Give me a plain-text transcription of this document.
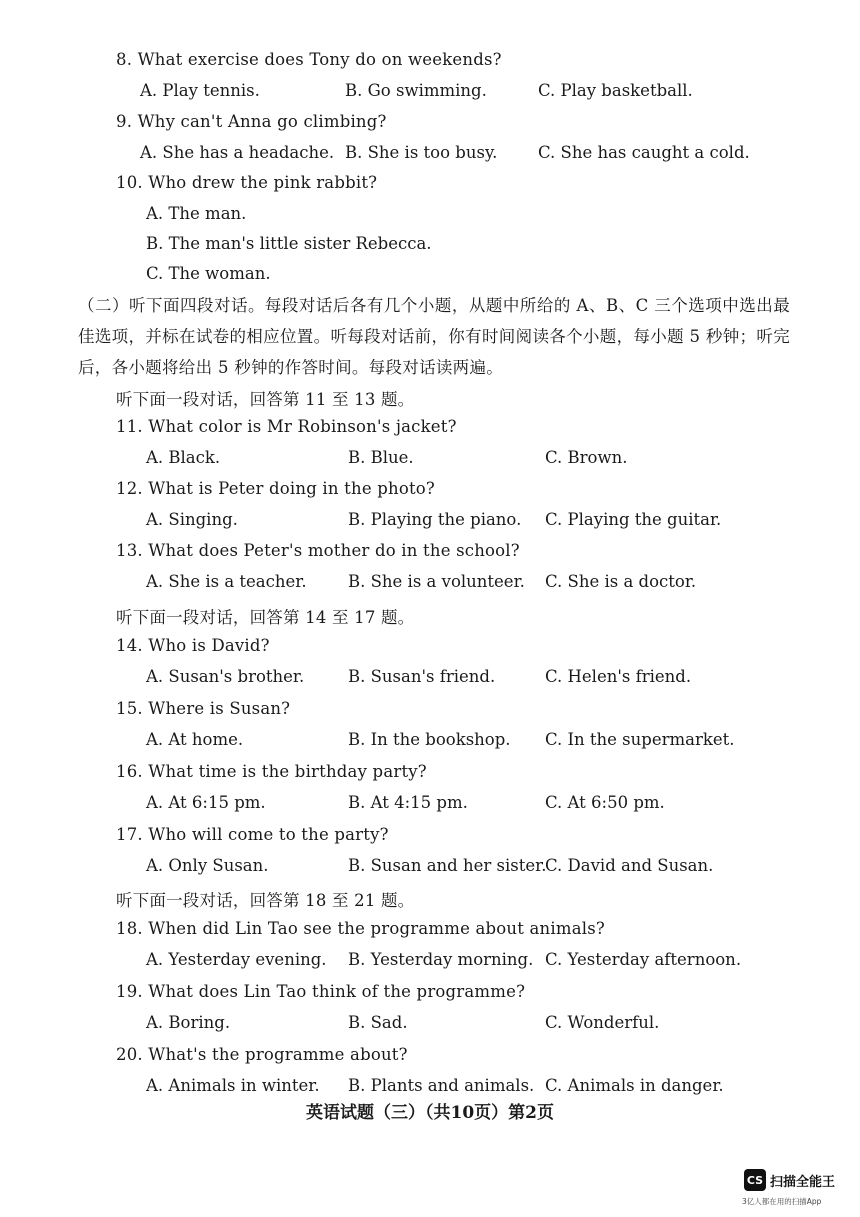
8. What exercise does Tony do on weekends?
A. Play tennis.	B. Go swimming.	C. Play basketball.
9. Why can't Anna go climbing?
A. She has a headache. B. She is too busy. C. She has caught a cold.
10. Who drew the pink rabbit?
A. The man.
B. The man's little sister Rebecca.
C. The woman.
（二）听下面四段对话。每段对话后各有几个小题，从题中所给的 A、B、C 三个选项中选出最佳选项，并标在试卷的相应位置。听每段对话前，你有时间阅读各个小题，每小题 5 秒钟；听完后，各小题将给出 5 秒钟的作答时间。每段对话读两遍。
听下面一段对话，回答第 11 至 13 题。
11. What color is Mr Robinson's jacket?
A. Black.	B. Blue.	C. Brown.
12. What is Peter doing in the photo?
A. Singing.	B. Playing the piano. C. Playing the guitar.
13. What does Peter's mother do in the school?
A. She is a teacher.	B. She is a volunteer. C. She is a doctor.
听下面一段对话，回答第 14 至 17 题。
14. Who is David?
A. Susan's brother.	B. Susan's friend.	C. Helen's friend.
15. Where is Susan?
A. At home.	B. In the bookshop. C. In the supermarket.
16. What time is the birthday party?
A. At 6:15 pm.	B. At 4:15 pm.	C. At 6:50 pm.
17. Who will come to the party?
A. Only Susan.	B. Susan and her sister.
C. David and Susan.
听下面一段对话，回答第 18 至 21 题。
18. When did Lin Tao see the programme about animals?
A. Yesterday evening. B. Yesterday morning. C. Yesterday afternoon.
19. What does Lin Tao think of the programme?
A. Boring.	B. Sad.	C. Wonderful.
20. What's the programme about?
A. Animals in winter. B. Plants and animals. C. Animals in danger.
英语试题（三）（共10页）第2页
CS 扫描全能王
3亿人都在用的扫描App
